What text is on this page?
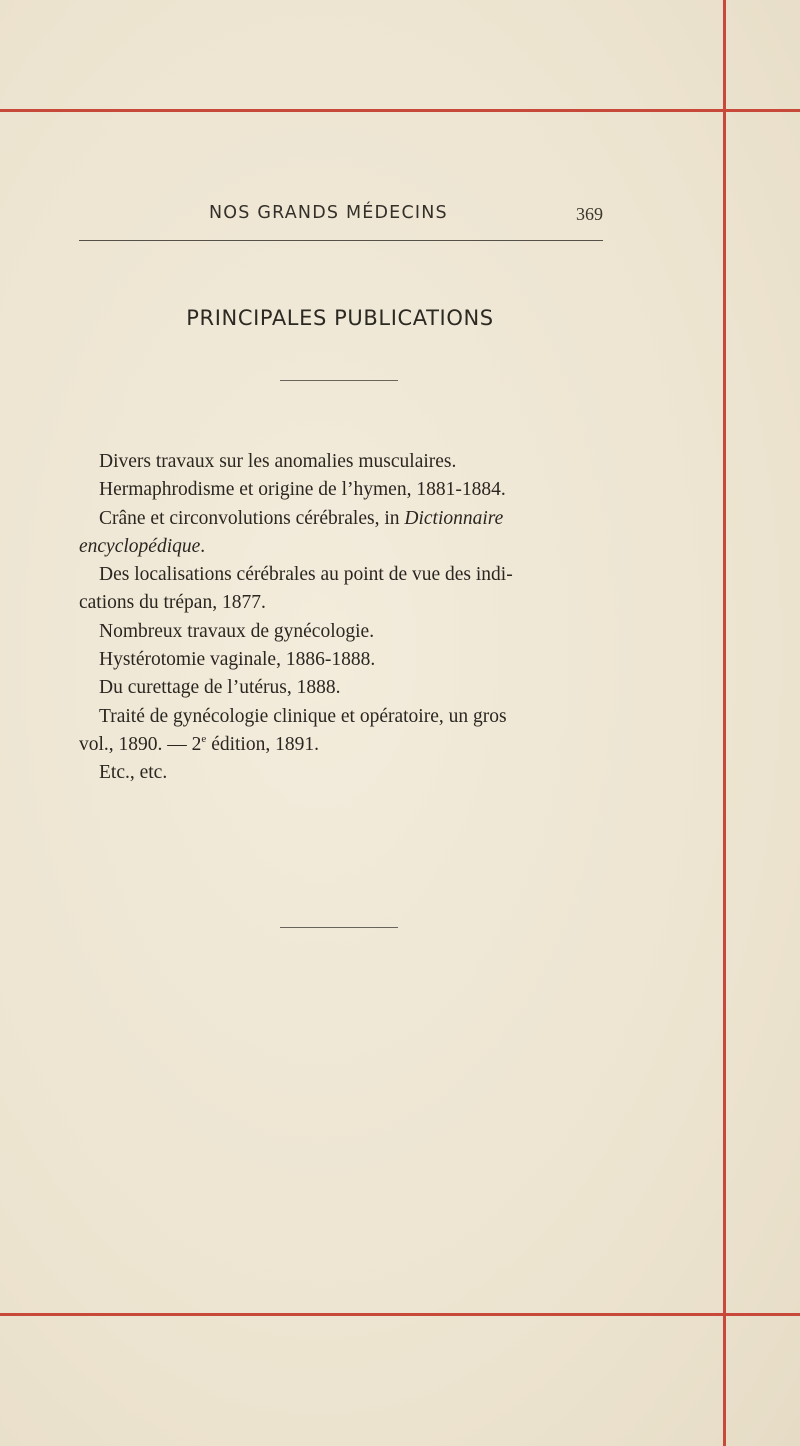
NOS GRANDS MÉDECINS	369
PRINCIPALES PUBLICATIONS
Divers travaux sur les anomalies musculaires.
Hermaphrodisme et origine de l’hymen, 1881-1884.
Crâne et circonvolutions cérébrales, in Dictionnaire
encyclopédique.
Des localisations cérébrales au point de vue des indi-
cations du trépan, 1877.
Nombreux travaux de gynécologie.
Hystérotomie vaginale, 1886-1888.
Du curettage de l’utérus, 1888.
Traité de gynécologie clinique et opératoire, un gros
vol., 1890. — 2e édition, 1891.
Etc., etc.
